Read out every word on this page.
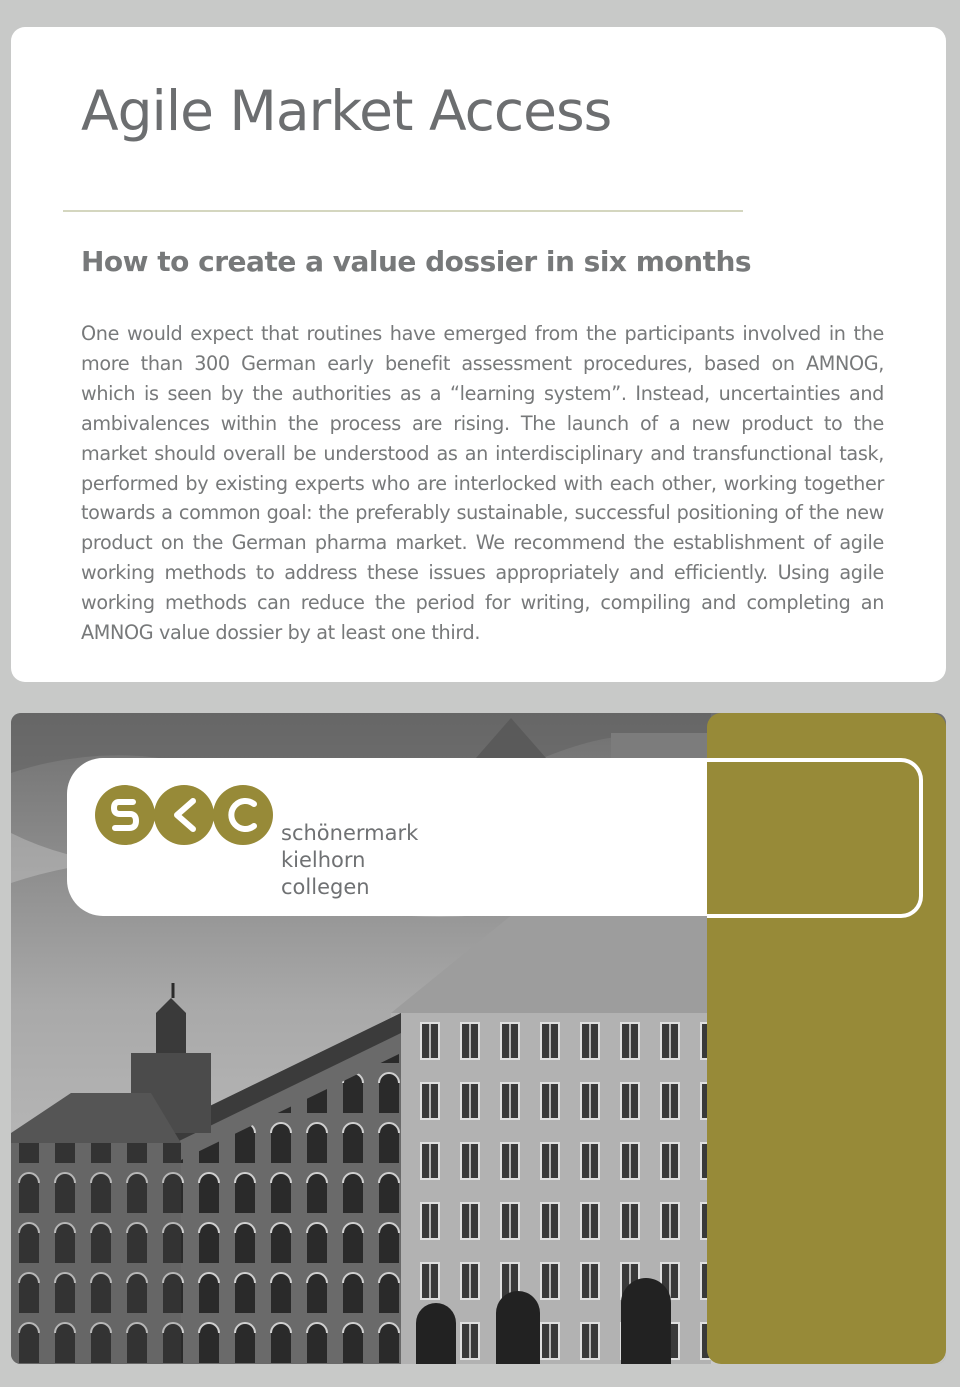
Agile Market Access
How to create a value dossier in six months

One would expect that routines have emerged from the participants involved in the more than 300 German early benefit assessment procedures, based on AMNOG, which is seen by the authorities as a “learning system”. Instead, uncertainties and ambivalences within the process are rising. The launch of a new product to the market should overall be understood as an interdisciplinary and transfunctional task, performed by existing experts who are interlocked with each other, working together towards a common goal: the preferably sustainable, successful positioning of the new product on the German pharma market. We recommend the establishment of agile working methods to address these issues appropriately and efficiently. Using agile working methods can reduce the period for writing, compiling and completing an AMNOG value dossier by at least one third.

schönermark
kielhorn
collegen
